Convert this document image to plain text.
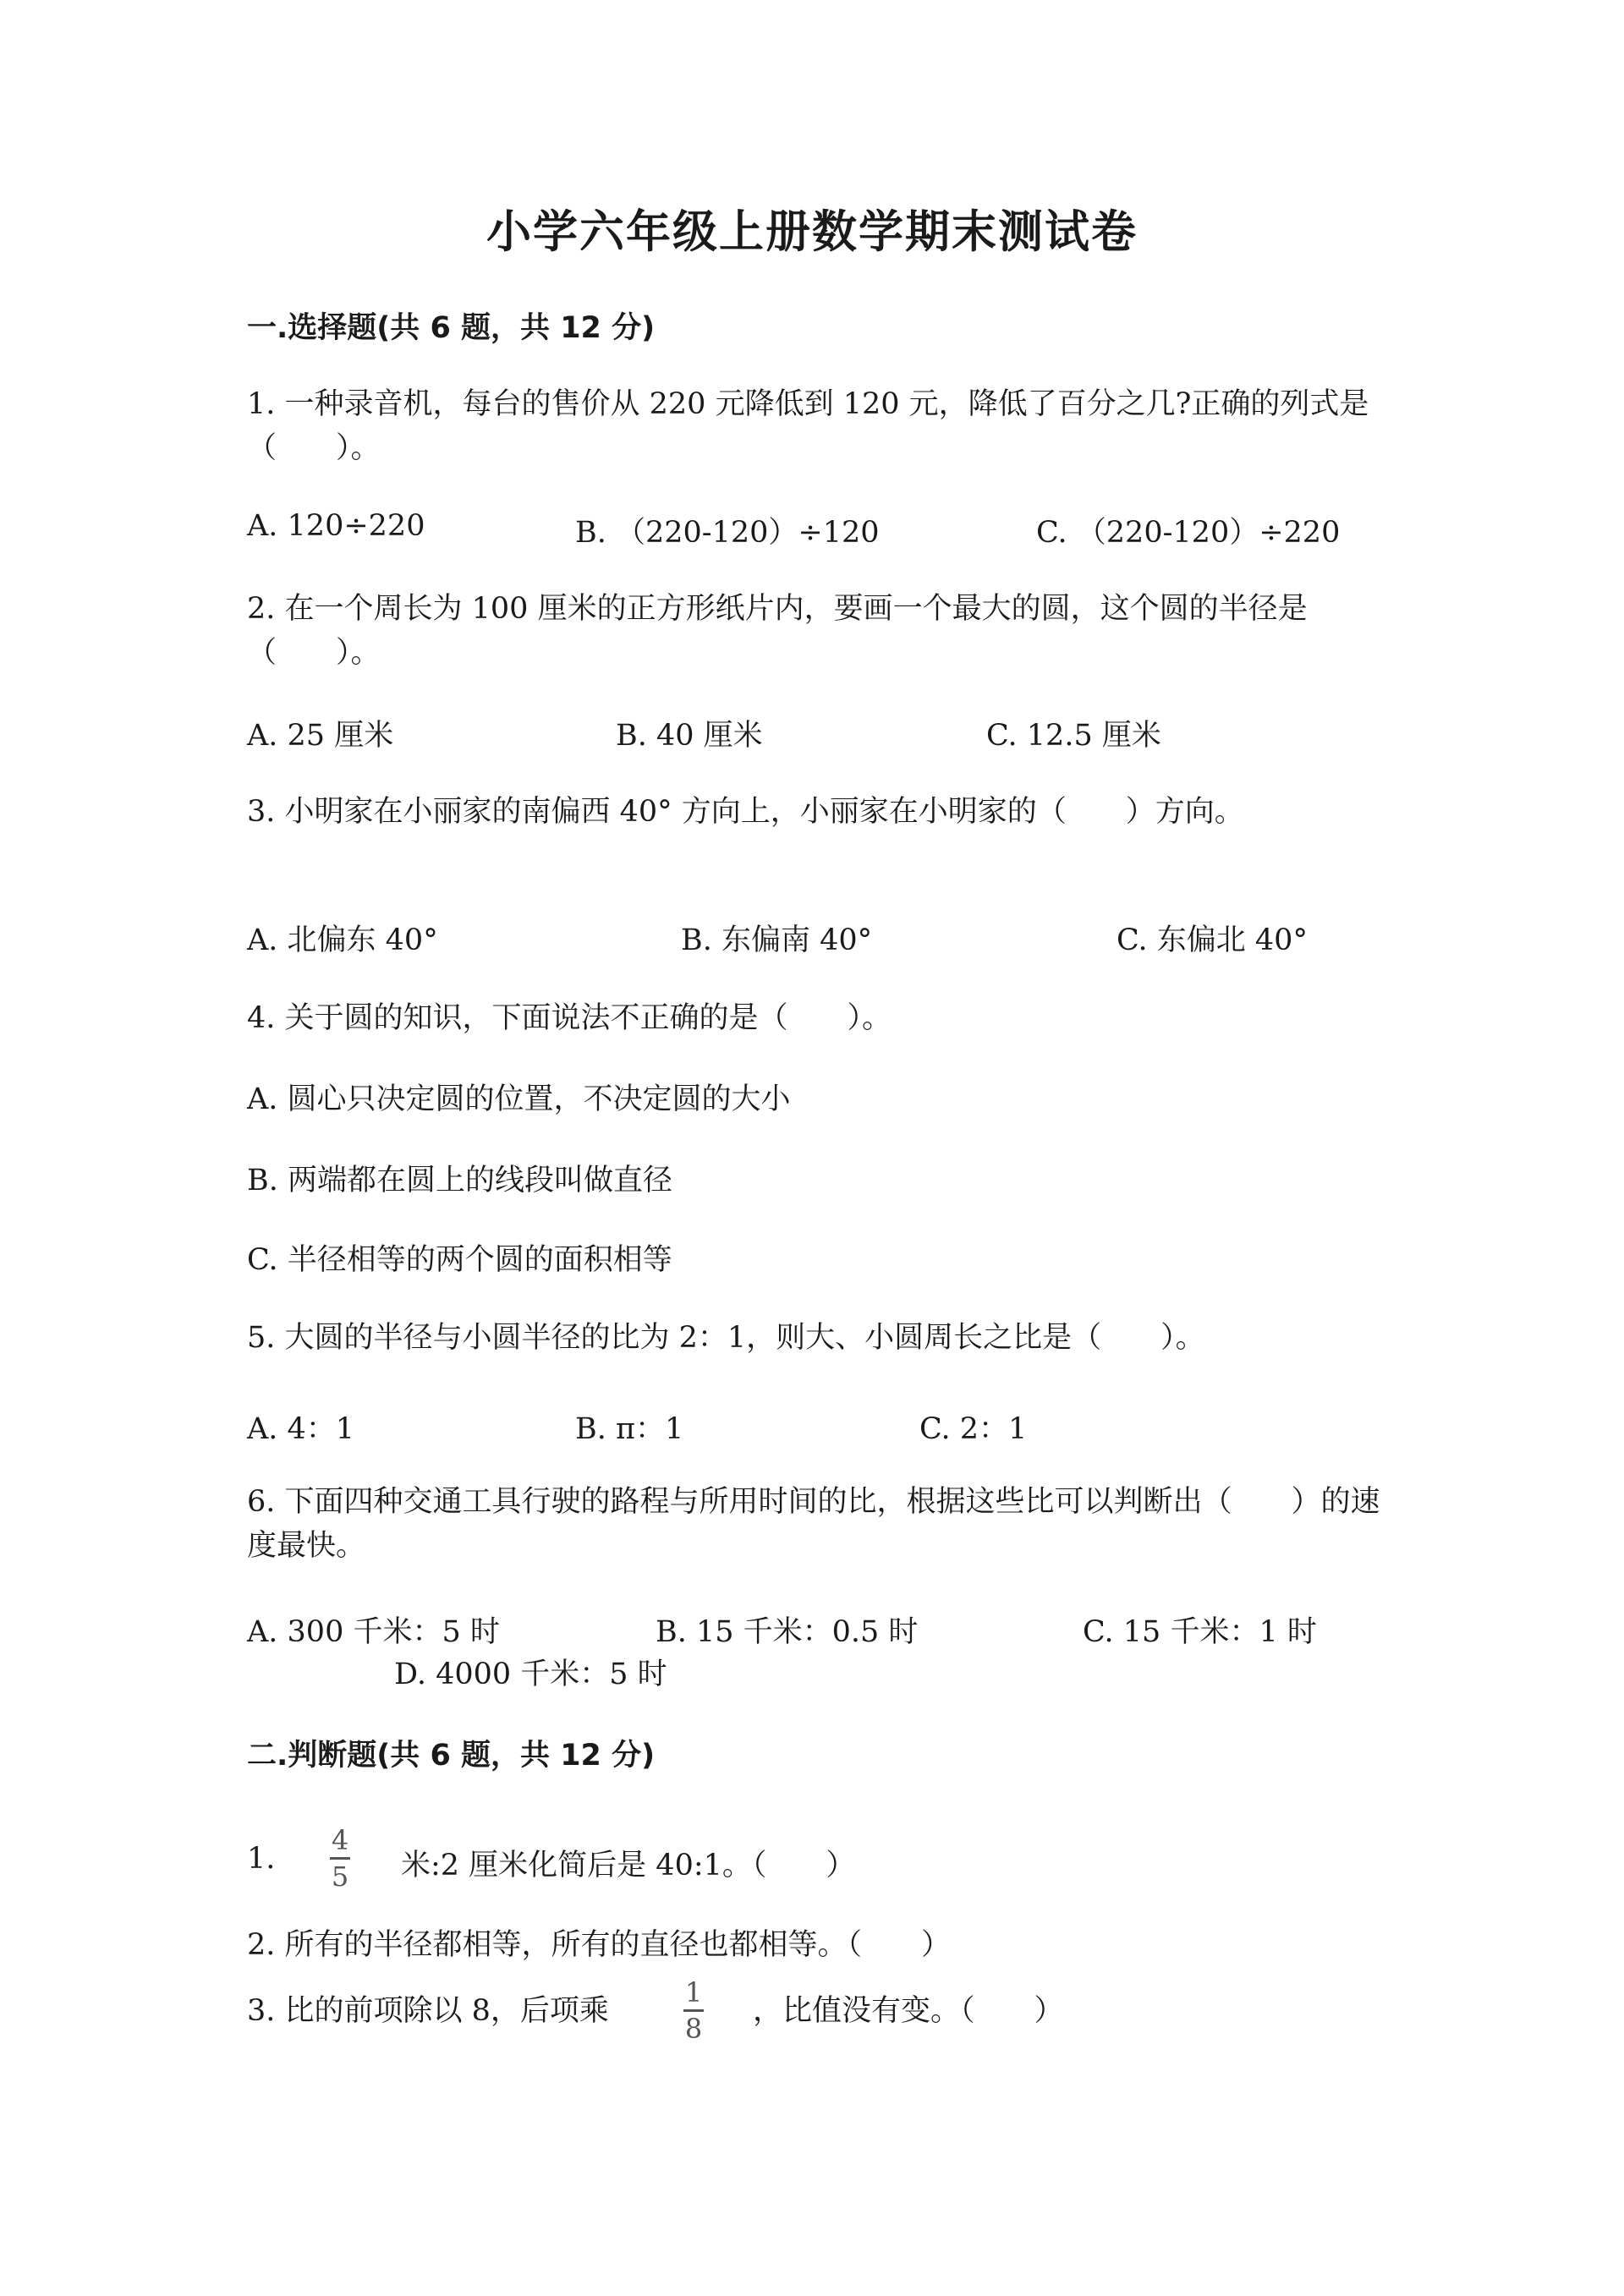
小学六年级上册数学期末测试卷
一.选择题(共 6 题，共 12 分)
1. 一种录音机，每台的售价从 220 元降低到 120 元，降低了百分之几?正确的列式是（　　）。
A. 120÷220	B. （220-120）÷120	C. （220-120）÷220
2. 在一个周长为 100 厘米的正方形纸片内，要画一个最大的圆，这个圆的半径是（　　）。
A. 25 厘米	B. 40 厘米	C. 12.5 厘米
3. 小明家在小丽家的南偏西 40° 方向上，小丽家在小明家的（　　）方向。
A. 北偏东 40°	B. 东偏南 40°	C. 东偏北 40°
4. 关于圆的知识，下面说法不正确的是（　　）。
A. 圆心只决定圆的位置，不决定圆的大小
B. 两端都在圆上的线段叫做直径
C. 半径相等的两个圆的面积相等
5. 大圆的半径与小圆半径的比为 2：1，则大、小圆周长之比是（　　）。
A. 4：1	B. π：1	C. 2：1
6. 下面四种交通工具行驶的路程与所用时间的比，根据这些比可以判断出（　　）的速度最快。
A. 300 千米：5 时	B. 15 千米：0.5 时	C. 15 千米：1 时
D. 4000 千米：5 时
二.判断题(共 6 题，共 12 分)
1.
4
5 米:2 厘米化简后是 40:1。（　　）
2. 所有的半径都相等，所有的直径也都相等。（　　）
3. 比的前项除以 8，后项乘
1
8
，比值没有变。（　　）
